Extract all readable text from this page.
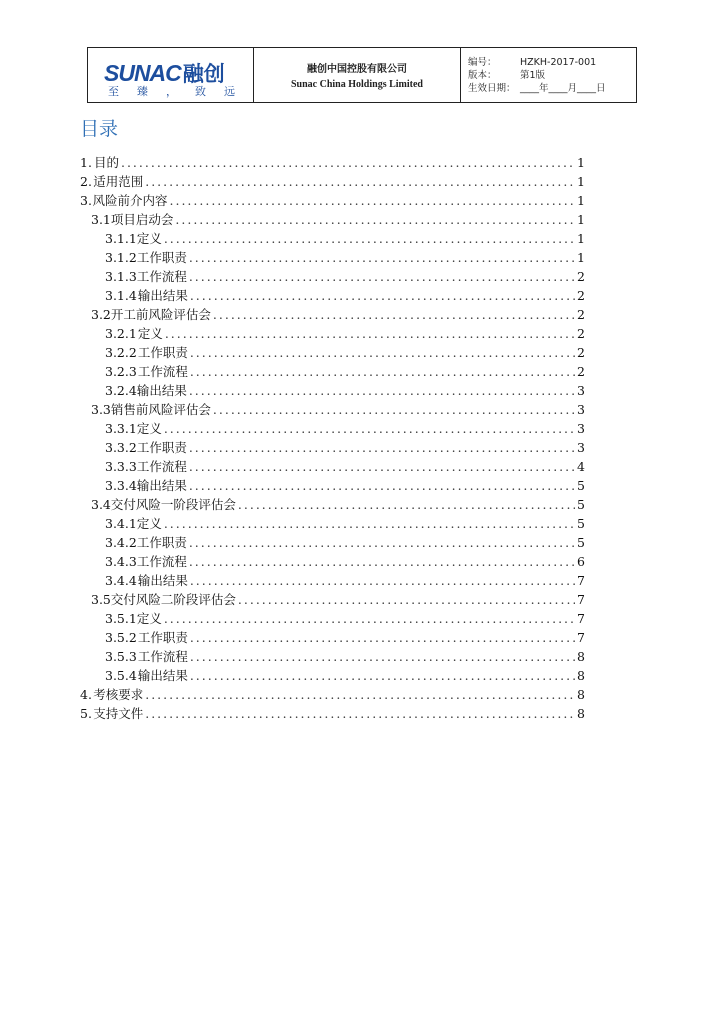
SUNAC 融创
至臻，致远
融创中国控股有限公司
Sunac China Holdings Limited
编号：	HZKH-2017-001
版本：	第1版
生效日期： ____年____月____日
目录
1. 目的 .....	1
2. 适用范围 .....	1
3. 风险前介内容 .....	1
3.1 项目启动会 .....	1
3.1.1 定义 .....	1
3.1.2 工作职责 .....	1
3.1.3 工作流程 .....	2
3.1.4 输出结果 .....	2
3.2 开工前风险评估会 .....	2
3.2.1 定义 .....	2
3.2.2 工作职责 .....	2
3.2.3 工作流程 .....	2
3.2.4 输出结果 .....	3
3.3 销售前风险评估会 .....	3
3.3.1 定义 .....	3
3.3.2 工作职责 .....	3
3.3.3 工作流程 .....	4
3.3.4 输出结果 .....	5
3.4 交付风险一阶段评估会 .....	5
3.4.1 定义 .....	5
3.4.2 工作职责 .....	5
3.4.3 工作流程 .....	6
3.4.4 输出结果 .....	7
3.5 交付风险二阶段评估会 .....	7
3.5.1 定义 .....	7
3.5.2 工作职责 .....	7
3.5.3 工作流程 .....	8
3.5.4 输出结果 .....	8
4. 考核要求 .....	8
5. 支持文件 .....	8
